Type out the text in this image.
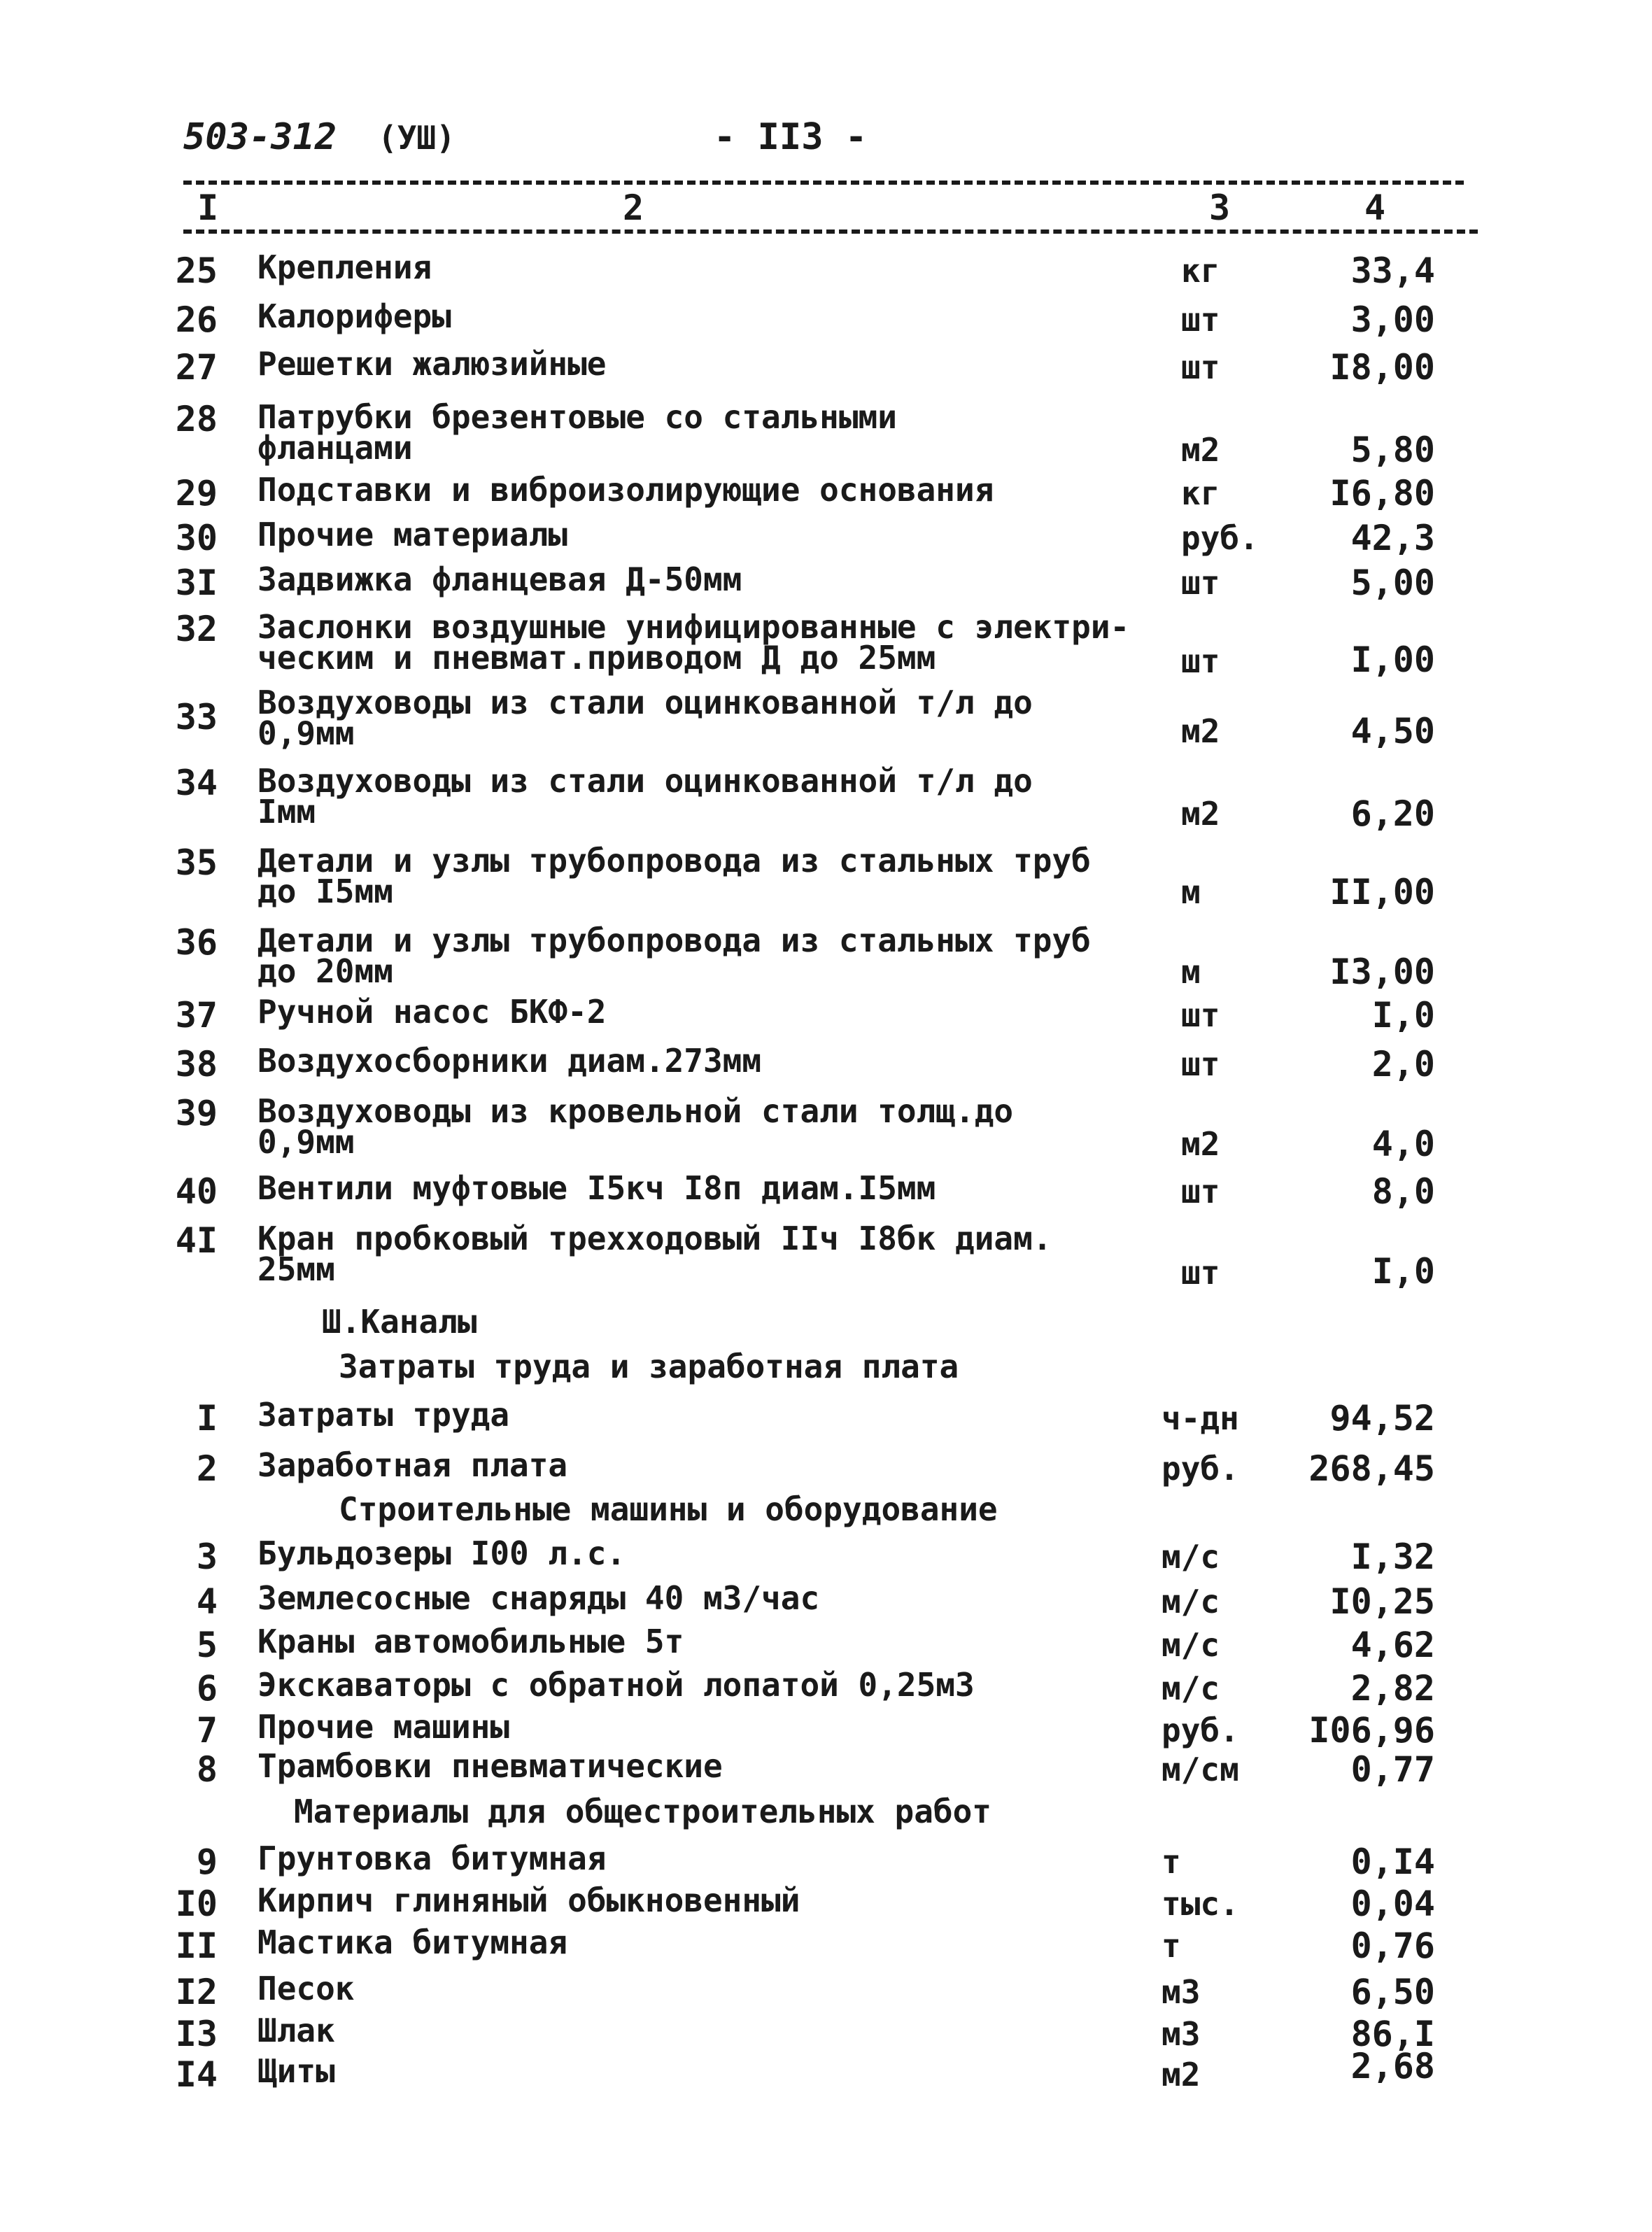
503-312 (УШ)	- II3 -
I	2	3	4
25 Крепления	кг	33,4
26 Калориферы	шт	3,00
27 Решетки жалюзийные	шт	I8,00
28 Патрубки брезентовые со стальными
фланцами	м2	5,80
29 Подставки и виброизолирующие основания	кг	I6,80
30 Прочие материалы	руб.	42,3
3I Задвижка фланцевая Д-50мм	шт	5,00
32 Заслонки воздушные унифицированные с электри-
ческим и пневмат.приводом Д до 25мм	шт	I,00
33 Воздуховоды из стали оцинкованной т/л до
0,9мм	м2	4,50
34 Воздуховоды из стали оцинкованной т/л до
Iмм	м2	6,20
35 Детали и узлы трубопровода из стальных труб
до I5мм	м	II,00
36 Детали и узлы трубопровода из стальных труб
до 20мм	м	I3,00
37 Ручной насос БКФ-2	шт	I,0
38 Воздухосборники диам.273мм	шт	2,0
39 Воздуховоды из кровельной стали толщ.до
0,9мм	м2	4,0
40 Вентили муфтовые I5кч I8п диам.I5мм	шт	8,0
4I Кран пробковый трехходовый IIч I8бк диам.
25мм	шт	I,0
Ш.Каналы
Затраты труда и заработная плата
I Затраты труда	ч-дн	94,52
2 Заработная плата	руб. 268,45
Строительные машины и оборудование
3 Бульдозеры I00 л.с.	м/с	I,32
4 Землесосные снаряды 40 м3/час	м/с	I0,25
5 Краны автомобильные 5т	м/с	4,62
6 Экскаваторы с обратной лопатой 0,25м3	м/с	2,82
7 Прочие машины	руб. I06,96
8 Трамбовки пневматические	м/см	0,77
Материалы для общестроительных работ
9 Грунтовка битумная	т	0,I4
I0 Кирпич глиняный обыкновенный	тыс.	0,04
II Мастика битумная	т	0,76
I2 Песок	м3	6,50
I3 Шлак	м3	86,I
I4 Щиты	м2	2,68
